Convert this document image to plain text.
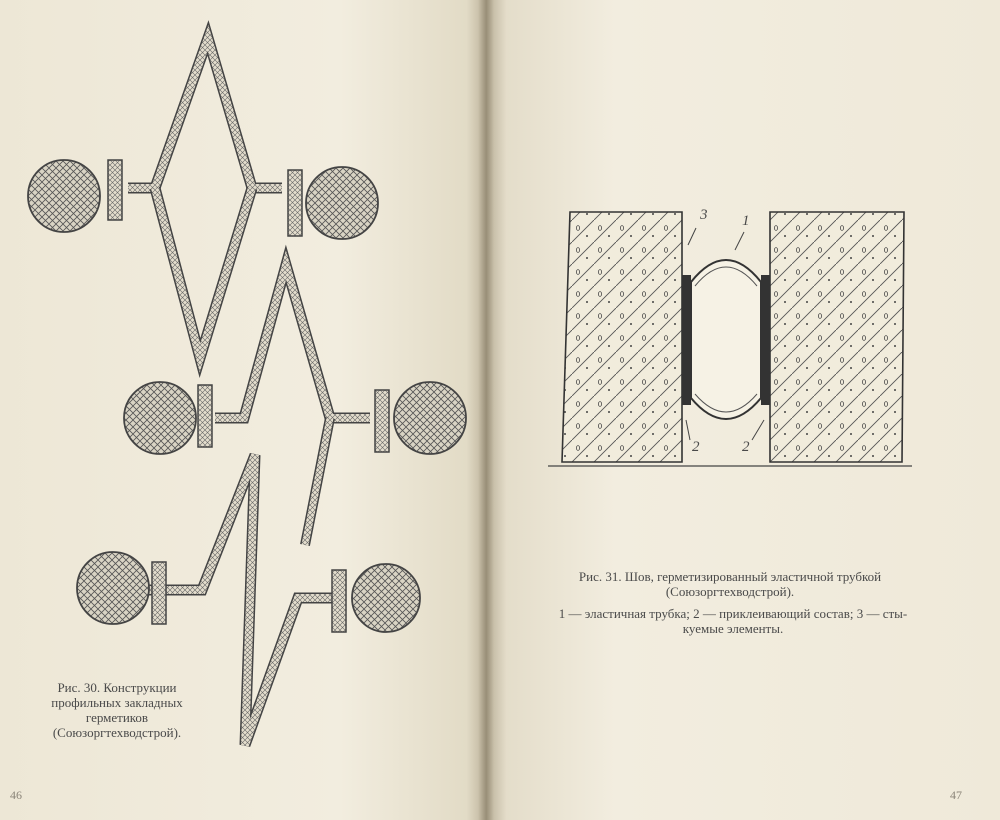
3 1
2	2
Рис. 30. Конструкции
профильных закладных
герметиков
(Союзоргтехводстрой).
Рис. 31. Шов, герметизированный эластичной трубкой
(Союзоргтехводстрой).
1 — эластичная трубка; 2 — приклеивающий состав; 3 — сты-
куемые элементы.
46	47
